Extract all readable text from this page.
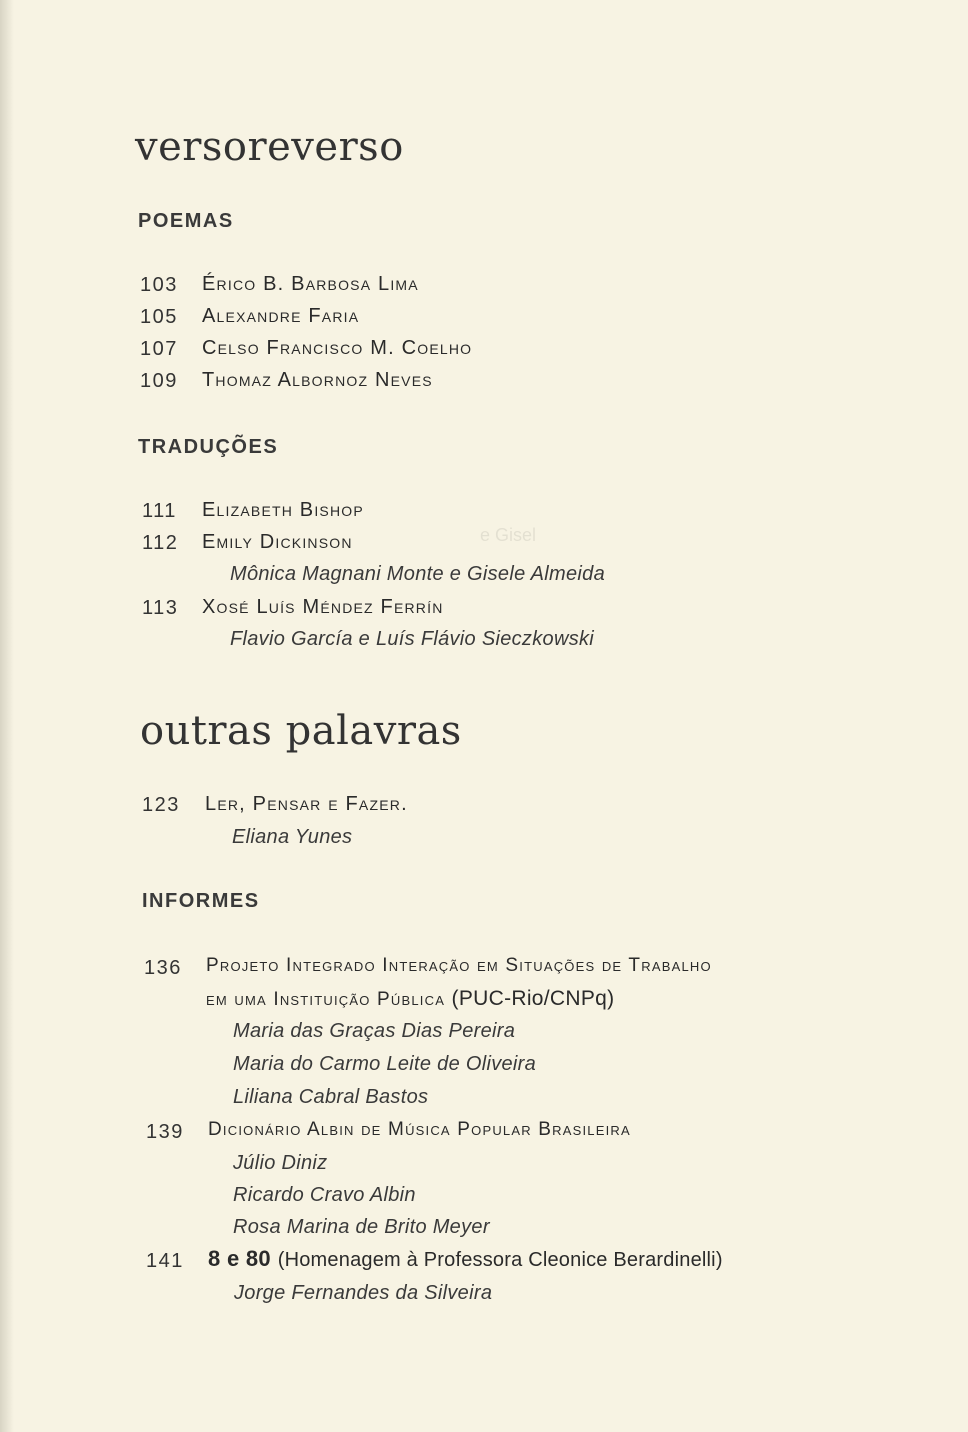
e Gisel
versoreverso
POEMAS
103 Érico B. Barbosa Lima
105 Alexandre Faria
107 Celso Francisco M. Coelho
109 Thomaz Albornoz Neves
TRADUÇÕES
111 Elizabeth Bishop
112 Emily Dickinson
Mônica Magnani Monte e Gisele Almeida
113 Xosé Luís Méndez Ferrín
Flavio García e Luís Flávio Sieczkowski
outras palavras
123 Ler, Pensar e Fazer.
Eliana Yunes
INFORMES
136 Projeto Integrado Interação em Situações de Trabalho
em uma Instituição Pública (PUC-Rio/CNPq)
Maria das Graças Dias Pereira
Maria do Carmo Leite de Oliveira
Liliana Cabral Bastos
139 Dicionário Albin de Música Popular Brasileira
Júlio Diniz
Ricardo Cravo Albin
Rosa Marina de Brito Meyer
141 8 e 80 (Homenagem à Professora Cleonice Berardinelli)
Jorge Fernandes da Silveira
